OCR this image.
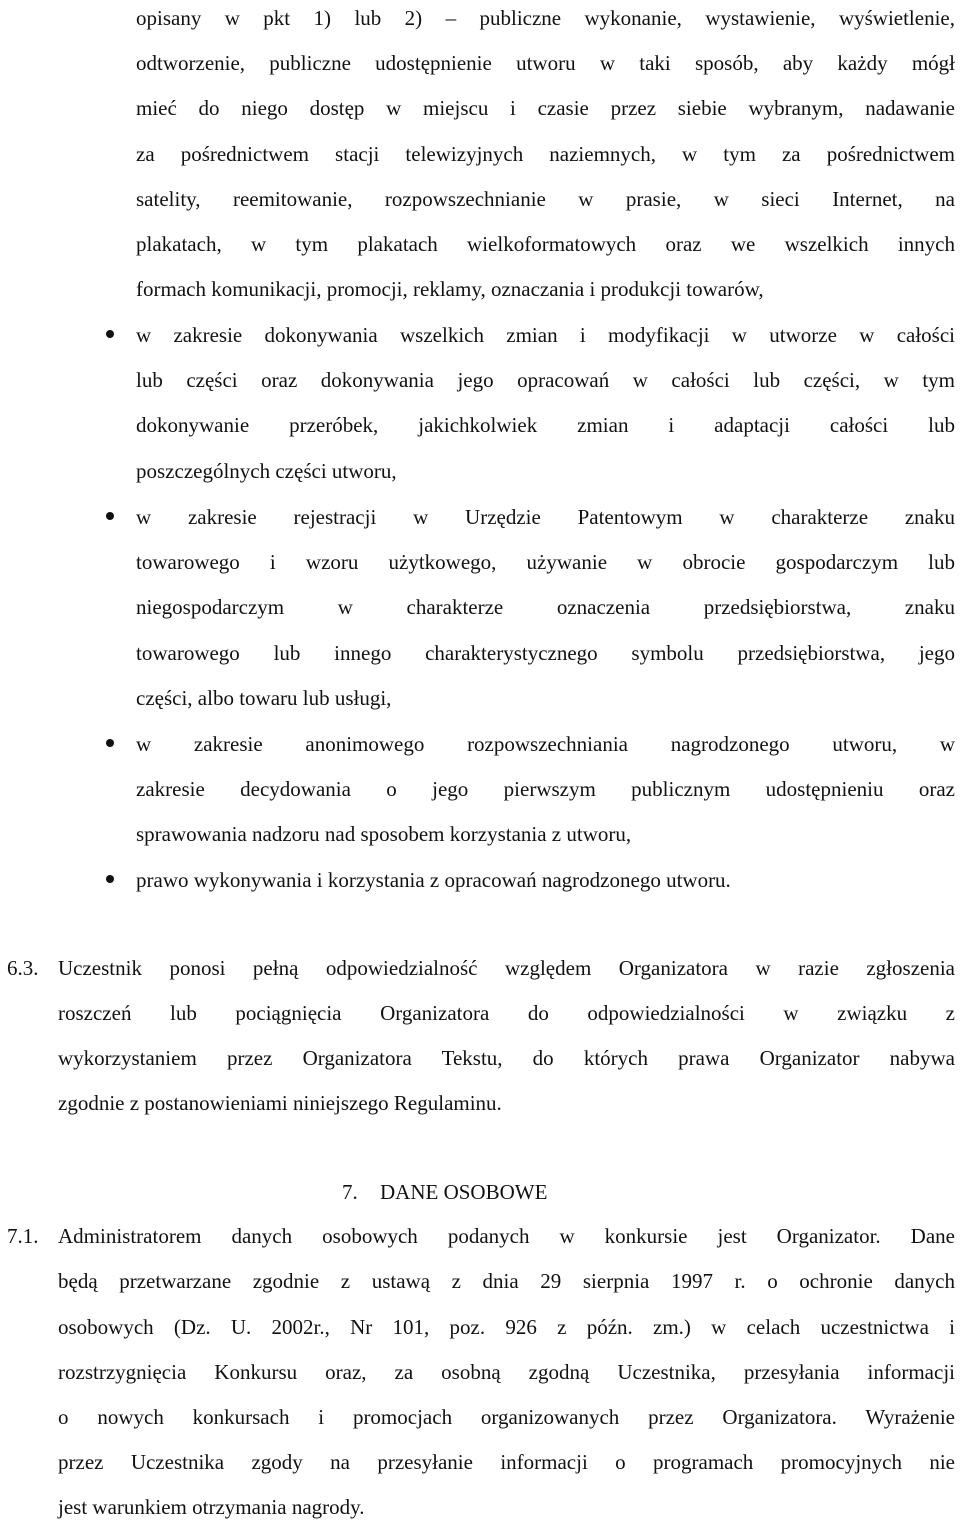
opisany w pkt 1) lub 2) – publiczne wykonanie, wystawienie, wyświetlenie,
odtworzenie, publiczne udostępnienie utworu w taki sposób, aby każdy mógł
mieć do niego dostęp w miejscu i czasie przez siebie wybranym, nadawanie
za pośrednictwem stacji telewizyjnych naziemnych, w tym za pośrednictwem
satelity, reemitowanie, rozpowszechnianie w prasie, w sieci Internet, na
plakatach, w tym plakatach wielkoformatowych oraz we wszelkich innych
formach komunikacji, promocji, reklamy, oznaczania i produkcji towarów,
w zakresie dokonywania wszelkich zmian i modyfikacji w utworze w całości
lub części oraz dokonywania jego opracowań w całości lub części, w tym
dokonywanie przeróbek, jakichkolwiek zmian i adaptacji całości lub
poszczególnych części utworu,
w zakresie rejestracji w Urzędzie Patentowym w charakterze znaku
towarowego i wzoru użytkowego, używanie w obrocie gospodarczym lub
niegospodarczym w charakterze oznaczenia przedsiębiorstwa, znaku
towarowego lub innego charakterystycznego symbolu przedsiębiorstwa, jego
części, albo towaru lub usługi,
w zakresie anonimowego rozpowszechniania nagrodzonego utworu, w
zakresie decydowania o jego pierwszym publicznym udostępnieniu oraz
sprawowania nadzoru nad sposobem korzystania z utworu,
prawo wykonywania i korzystania z opracowań nagrodzonego utworu.
6.3. Uczestnik ponosi pełną odpowiedzialność względem Organizatora w razie zgłoszenia
roszczeń lub pociągnięcia Organizatora do odpowiedzialności w związku z
wykorzystaniem przez Organizatora Tekstu, do których prawa Organizator nabywa
zgodnie z postanowieniami niniejszego Regulaminu.
7. DANE OSOBOWE
7.1. Administratorem danych osobowych podanych w konkursie jest Organizator. Dane
będą przetwarzane zgodnie z ustawą z dnia 29 sierpnia 1997 r. o ochronie danych
osobowych (Dz. U. 2002r., Nr 101, poz. 926 z późn. zm.) w celach uczestnictwa i
rozstrzygnięcia Konkursu oraz, za osobną zgodną Uczestnika, przesyłania informacji
o nowych konkursach i promocjach organizowanych przez Organizatora. Wyrażenie
przez Uczestnika zgody na przesyłanie informacji o programach promocyjnych nie
jest warunkiem otrzymania nagrody.
